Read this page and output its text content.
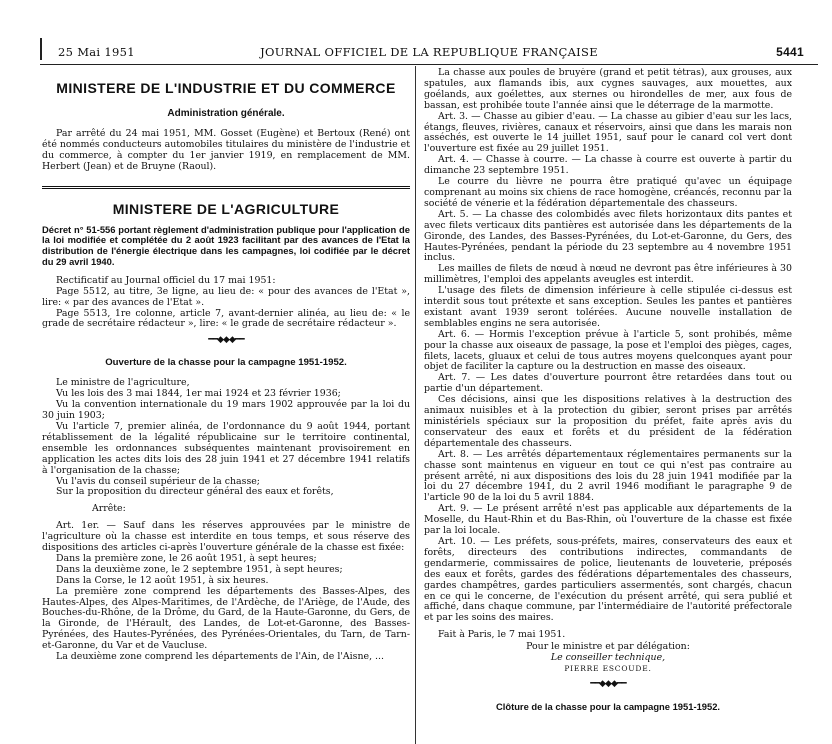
25 Mai 1951	JOURNAL OFFICIEL DE LA REPUBLIQUE FRANÇAISE	5441
MINISTERE DE L'INDUSTRIE ET DU COMMERCE
Administration générale.

Par arrêté du 24 mai 1951, MM. Gosset (Eugène) et Bertoux (René) ont été nommés conducteurs automobiles titulaires du ministère de l'industrie et du commerce, à compter du 1er janvier 1919, en remplacement de MM. Herbert (Jean) et de Bruyne (Raoul).

MINISTERE DE L'AGRICULTURE
Décret n° 51-556 portant règlement d'administration publique pour l'application de la loi modifiée et complétée du 2 août 1923 facilitant par des avances de l'Etat la distribution de l'énergie électrique dans les campagnes, loi codifiée par le décret du 29 avril 1940.

Rectificatif au Journal officiel du 17 mai 1951:

Page 5512, au titre, 3e ligne, au lieu de: « pour des avances de l'Etat », lire: « par des avances de l'Etat ».

Page 5513, 1re colonne, article 7, avant-dernier alinéa, au lieu de: « le grade de secrétaire rédacteur », lire: « le grade de secrétaire rédacteur ».

━━◆◆◆━━
Ouverture de la chasse pour la campagne 1951-1952.

Le ministre de l'agriculture,

Vu les lois des 3 mai 1844, 1er mai 1924 et 23 février 1936;

Vu la convention internationale du 19 mars 1902 approuvée par la loi du 30 juin 1903;

Vu l'article 7, premier alinéa, de l'ordonnance du 9 août 1944, portant rétablissement de la légalité républicaine sur le territoire continental, ensemble les ordonnances subséquentes maintenant provisoirement en application les actes dits lois des 28 juin 1941 et 27 décembre 1941 relatifs à l'organisation de la chasse;

Vu l'avis du conseil supérieur de la chasse;

Sur la proposition du directeur général des eaux et forêts,

Arrête:

Art. 1er. — Sauf dans les réserves approuvées par le ministre de l'agriculture où la chasse est interdite en tous temps, et sous réserve des dispositions des articles ci-après l'ouverture générale de la chasse est fixée:

Dans la première zone, le 26 août 1951, à sept heures;

Dans la deuxième zone, le 2 septembre 1951, à sept heures;

Dans la Corse, le 12 août 1951, à six heures.

La première zone comprend les départements des Basses-Alpes, des Hautes-Alpes, des Alpes-Maritimes, de l'Ardèche, de l'Ariège, de l'Aude, des Bouches-du-Rhône, de la Drôme, du Gard, de la Haute-Garonne, du Gers, de la Gironde, de l'Hérault, des Landes, de Lot-et-Garonne, des Basses-Pyrénées, des Hautes-Pyrénées, des Pyrénées-Orientales, du Tarn, de Tarn-et-Garonne, du Var et de Vaucluse.

La deuxième zone comprend les départements de l'Ain, de l'Aisne, ...

La chasse aux poules de bruyère (grand et petit tétras), aux grouses, aux spatules, aux flamands ibis, aux cygnes sauvages, aux mouettes, aux goélands, aux goélettes, aux sternes ou hirondelles de mer, aux fous de bassan, est prohibée toute l'année ainsi que le déterrage de la marmotte.

Art. 3. — Chasse au gibier d'eau. — La chasse au gibier d'eau sur les lacs, étangs, fleuves, rivières, canaux et réservoirs, ainsi que dans les marais non asséchés, est ouverte le 14 juillet 1951, sauf pour le canard col vert dont l'ouverture est fixée au 29 juillet 1951.

Art. 4. — Chasse à courre. — La chasse à courre est ouverte à partir du dimanche 23 septembre 1951.

Le courre du lièvre ne pourra être pratiqué qu'avec un équipage comprenant au moins six chiens de race homogène, créancés, reconnu par la société de vénerie et la fédération départementale des chasseurs.

Art. 5. — La chasse des colombidés avec filets horizontaux dits pantes et avec filets verticaux dits pantières est autorisée dans les départements de la Gironde, des Landes, des Basses-Pyrénées, du Lot-et-Garonne, du Gers, des Hautes-Pyrénées, pendant la période du 23 septembre au 4 novembre 1951 inclus.

Les mailles de filets de nœud à nœud ne devront pas être inférieures à 30 millimètres, l'emploi des appelants aveugles est interdit.

L'usage des filets de dimension inférieure à celle stipulée ci-dessus est interdit sous tout prétexte et sans exception. Seules les pantes et pantières existant avant 1939 seront tolérées. Aucune nouvelle installation de semblables engins ne sera autorisée.

Art. 6. — Hormis l'exception prévue à l'article 5, sont prohibés, même pour la chasse aux oiseaux de passage, la pose et l'emploi des pièges, cages, filets, lacets, gluaux et celui de tous autres moyens quelconques ayant pour objet de faciliter la capture ou la destruction en masse des oiseaux.

Art. 7. — Les dates d'ouverture pourront être retardées dans tout ou partie d'un département.

Ces décisions, ainsi que les dispositions relatives à la destruction des animaux nuisibles et à la protection du gibier, seront prises par arrêtés ministériels spéciaux sur la proposition du préfet, faite après avis du conservateur des eaux et forêts et du président de la fédération départementale des chasseurs.

Art. 8. — Les arrêtés départementaux réglementaires permanents sur la chasse sont maintenus en vigueur en tout ce qui n'est pas contraire au présent arrêté, ni aux dispositions des lois du 28 juin 1941 modifiée par la loi du 27 décembre 1941, du 2 avril 1946 modifiant le paragraphe 9 de l'article 90 de la loi du 5 avril 1884.

Art. 9. — Le présent arrêté n'est pas applicable aux départements de la Moselle, du Haut-Rhin et du Bas-Rhin, où l'ouverture de la chasse est fixée par la loi locale.

Art. 10. — Les préfets, sous-préfets, maires, conservateurs des eaux et forêts, directeurs des contributions indirectes, commandants de gendarmerie, commissaires de police, lieutenants de louveterie, préposés des eaux et forêts, gardes des fédérations départementales des chasseurs, gardes champêtres, gardes particuliers assermentés, sont chargés, chacun en ce qui le concerne, de l'exécution du présent arrêté, qui sera publié et affiché, dans chaque commune, par l'intermédiaire de l'autorité préfectorale et par les soins des maires.

Fait à Paris, le 7 mai 1951.

Pour le ministre et par délégation:
Le conseiller technique,
PIERRE ESCOUDE.
━━◆◆◆━━
Clôture de la chasse pour la campagne 1951-1952.
